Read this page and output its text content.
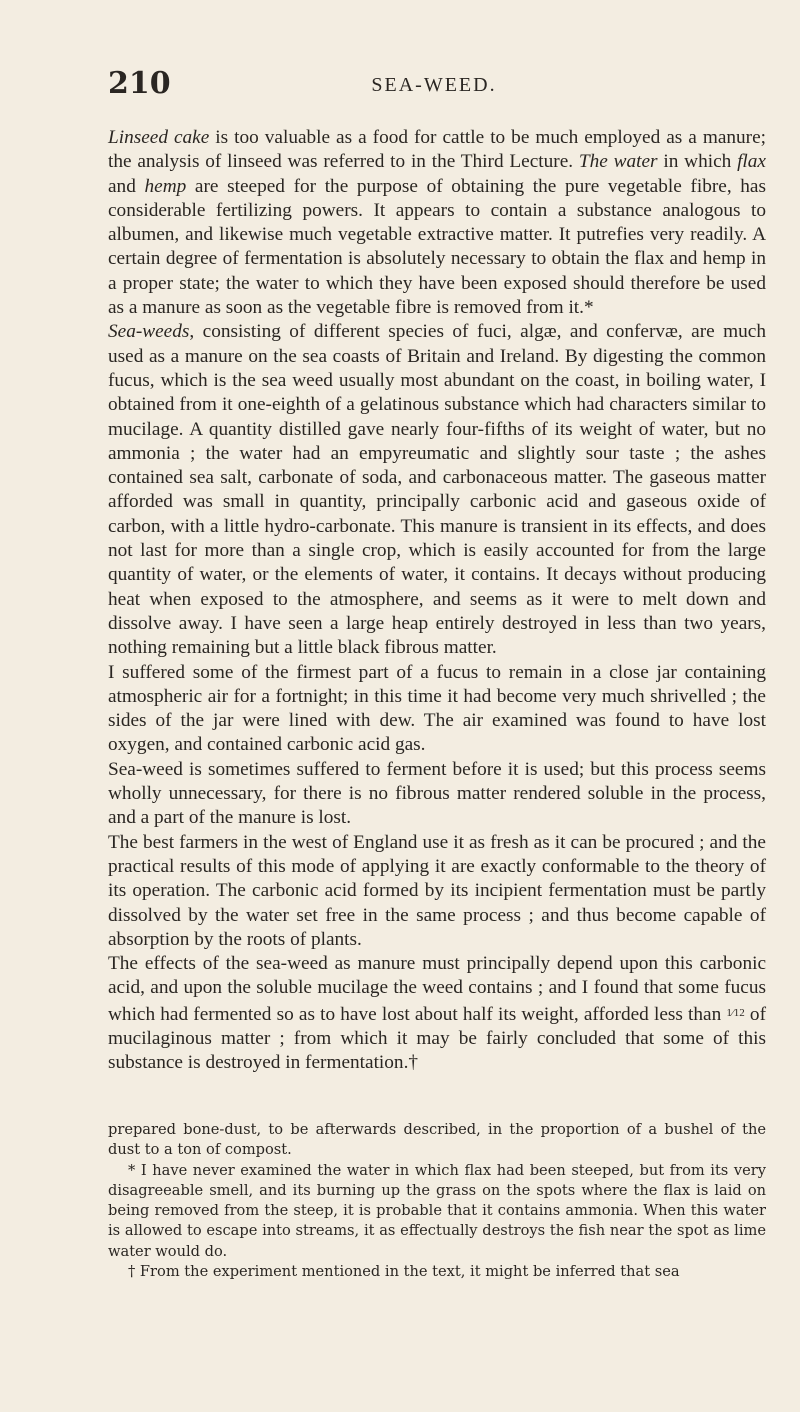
210	SEA-WEED.

Linseed cake is too valuable as a food for cattle to be much employed as a manure; the analysis of linseed was referred to in the Third Lecture. The water in which flax and hemp are steeped for the purpose of obtaining the pure vegetable fibre, has considerable fertilizing powers. It appears to contain a substance analogous to albumen, and likewise much vegetable extractive matter. It putrefies very readily. A certain degree of fermentation is absolutely necessary to obtain the flax and hemp in a proper state; the water to which they have been exposed should therefore be used as a manure as soon as the vegetable fibre is removed from it.*

Sea-weeds, consisting of different species of fuci, algæ, and confervæ, are much used as a manure on the sea coasts of Britain and Ireland. By digesting the common fucus, which is the sea weed usually most abundant on the coast, in boiling water, I obtained from it one-eighth of a gelatinous substance which had characters similar to mucilage. A quantity distilled gave nearly four-fifths of its weight of water, but no ammonia ; the water had an empyreumatic and slightly sour taste ; the ashes contained sea salt, carbonate of soda, and carbonaceous matter. The gaseous matter afforded was small in quantity, principally carbonic acid and gaseous oxide of carbon, with a little hydro-carbonate. This manure is transient in its effects, and does not last for more than a single crop, which is easily accounted for from the large quantity of water, or the elements of water, it contains. It decays without producing heat when exposed to the atmosphere, and seems as it were to melt down and dissolve away. I have seen a large heap entirely destroyed in less than two years, nothing remaining but a little black fibrous matter.

I suffered some of the firmest part of a fucus to remain in a close jar containing atmospheric air for a fortnight; in this time it had become very much shrivelled ; the sides of the jar were lined with dew. The air examined was found to have lost oxygen, and contained carbonic acid gas.

Sea-weed is sometimes suffered to ferment before it is used; but this process seems wholly unnecessary, for there is no fibrous matter rendered soluble in the process, and a part of the manure is lost.

The best farmers in the west of England use it as fresh as it can be procured ; and the practical results of this mode of applying it are exactly conformable to the theory of its operation. The carbonic acid formed by its incipient fermentation must be partly dissolved by the water set free in the same process ; and thus become capable of absorption by the roots of plants.

The effects of the sea-weed as manure must principally depend upon this carbonic acid, and upon the soluble mucilage the weed contains ; and I found that some fucus which had fermented so as to have lost about half its weight, afforded less than $^{1⁄12}$ of mucilaginous matter ; from which it may be fairly concluded that some of this substance is destroyed in fermentation.†

prepared bone-dust, to be afterwards described, in the proportion of a bushel of the dust to a ton of compost.

* I have never examined the water in which flax had been steeped, but from its very disagreeable smell, and its burning up the grass on the spots where the flax is laid on being removed from the steep, it is probable that it contains ammonia. When this water is allowed to escape into streams, it as effectually destroys the fish near the spot as lime water would do.

† From the experiment mentioned in the text, it might be inferred that sea
